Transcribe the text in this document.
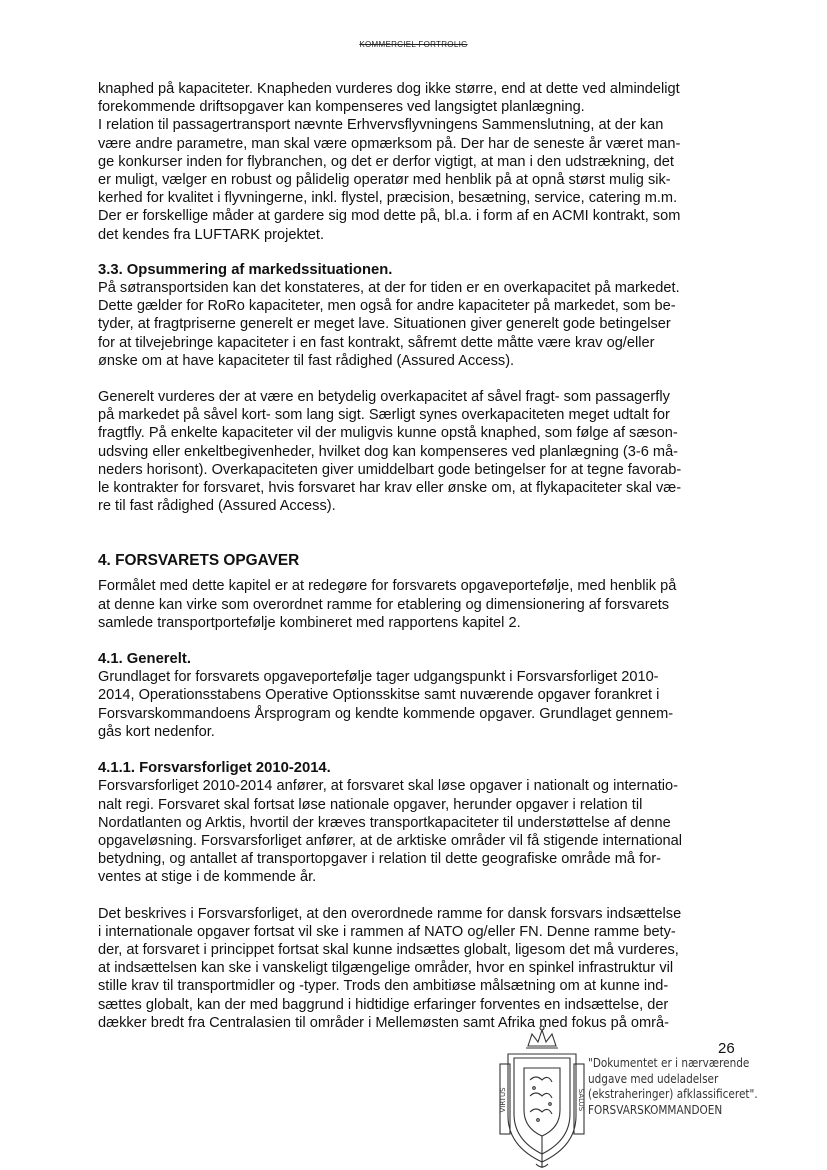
KOMMERCIEL FORTROLIG

knaphed på kapaciteter. Knapheden vurderes dog ikke større, end at dette ved almindeligt
forekommende driftsopgaver kan kompenseres ved langsigtet planlægning.
I relation til passagertransport nævnte Erhvervsflyvningens Sammenslutning, at der kan
være andre parametre, man skal være opmærksom på. Der har de seneste år været man-
ge konkurser inden for flybranchen, og det er derfor vigtigt, at man i den udstrækning, det
er muligt, vælger en robust og pålidelig operatør med henblik på at opnå størst mulig sik-
kerhed for kvalitet i flyvningerne, inkl. flystel, præcision, besætning, service, catering m.m.
Der er forskellige måder at gardere sig mod dette på, bl.a. i form af en ACMI kontrakt, som
det kendes fra LUFTARK projektet.

3.3. Opsummering af markedssituationen.

På søtransportsiden kan det konstateres, at der for tiden er en overkapacitet på markedet.
Dette gælder for RoRo kapaciteter, men også for andre kapaciteter på markedet, som be-
tyder, at fragtpriserne generelt er meget lave. Situationen giver generelt gode betingelser
for at tilvejebringe kapaciteter i en fast kontrakt, såfremt dette måtte være krav og/eller
ønske om at have kapaciteter til fast rådighed (Assured Access).

Generelt vurderes der at være en betydelig overkapacitet af såvel fragt- som passagerfly
på markedet på såvel kort- som lang sigt. Særligt synes overkapaciteten meget udtalt for
fragtfly. På enkelte kapaciteter vil der muligvis kunne opstå knaphed, som følge af sæson-
udsving eller enkeltbegivenheder, hvilket dog kan kompenseres ved planlægning (3-6 må-
neders horisont). Overkapaciteten giver umiddelbart gode betingelser for at tegne favorab-
le kontrakter for forsvaret, hvis forsvaret har krav eller ønske om, at flykapaciteter skal væ-
re til fast rådighed (Assured Access).

4. FORSVARETS OPGAVER

Formålet med dette kapitel er at redegøre for forsvarets opgaveportefølje, med henblik på
at denne kan virke som overordnet ramme for etablering og dimensionering af forsvarets
samlede transportportefølje kombineret med rapportens kapitel 2.

4.1. Generelt.

Grundlaget for forsvarets opgaveportefølje tager udgangspunkt i Forsvarsforliget 2010-
2014, Operationsstabens Operative Optionsskitse samt nuværende opgaver forankret i
Forsvarskommandoens Årsprogram og kendte kommende opgaver. Grundlaget gennem-
gås kort nedenfor.

4.1.1. Forsvarsforliget 2010-2014.

Forsvarsforliget 2010-2014 anfører, at forsvaret skal løse opgaver i nationalt og internatio-
nalt regi. Forsvaret skal fortsat løse nationale opgaver, herunder opgaver i relation til
Nordatlanten og Arktis, hvortil der kræves transportkapaciteter til understøttelse af denne
opgaveløsning. Forsvarsforliget anfører, at de arktiske områder vil få stigende international
betydning, og antallet af transportopgaver i relation til dette geografiske område må for-
ventes at stige i de kommende år.

Det beskrives i Forsvarsforliget, at den overordnede ramme for dansk forsvars indsættelse
i internationale opgaver fortsat vil ske i rammen af NATO og/eller FN. Denne ramme bety-
der, at forsvaret i princippet fortsat skal kunne indsættes globalt, ligesom det må vurderes,
at indsættelsen kan ske i vanskeligt tilgængelige områder, hvor en spinkel infrastruktur vil
stille krav til transportmidler og -typer. Trods den ambitiøse målsætning om at kunne ind-
sættes globalt, kan der med baggrund i hidtidige erfaringer forventes en indsættelse, der
dækker bredt fra Centralasien til områder i Mellemøsten samt Afrika med fokus på områ-

VIRTUS	SALUS
26
"Dokumentet er i nærværende
udgave med udeladelser
(ekstraheringer) afklassificeret".
FORSVARSKOMMANDOEN
